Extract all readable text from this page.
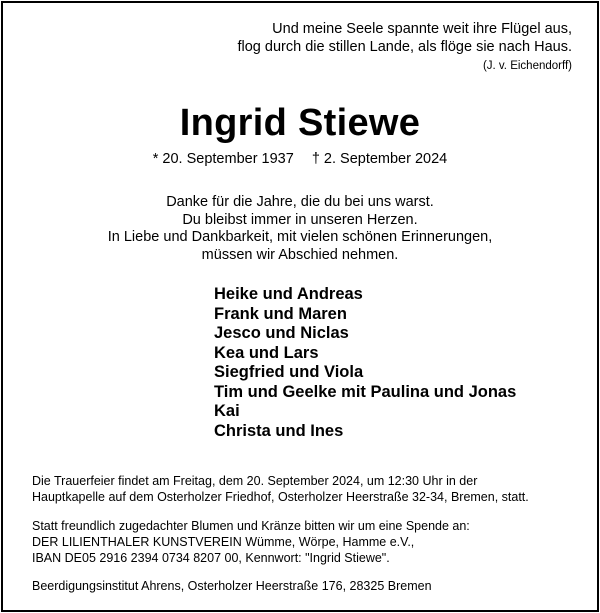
Und meine Seele spannte weit ihre Flügel aus,
flog durch die stillen Lande, als flöge sie nach Haus.
(J. v. Eichendorff)
Ingrid Stiewe
* 20. September 1937 † 2. September 2024
Danke für die Jahre, die du bei uns warst.
Du bleibst immer in unseren Herzen.
In Liebe und Dankbarkeit, mit vielen schönen Erinnerungen,
müssen wir Abschied nehmen.
Heike und Andreas
Frank und Maren
Jesco und Niclas
Kea und Lars
Siegfried und Viola
Tim und Geelke mit Paulina und Jonas
Kai
Christa und Ines
Die Trauerfeier findet am Freitag, dem 20. September 2024, um 12:30 Uhr in der
Hauptkapelle auf dem Osterholzer Friedhof, Osterholzer Heerstraße 32-34, Bremen, statt.
Statt freundlich zugedachter Blumen und Kränze bitten wir um eine Spende an:
DER LILIENTHALER KUNSTVEREIN Wümme, Wörpe, Hamme e.V.,
IBAN DE05 2916 2394 0734 8207 00, Kennwort: "Ingrid Stiewe".
Beerdigungsinstitut Ahrens, Osterholzer Heerstraße 176, 28325 Bremen
